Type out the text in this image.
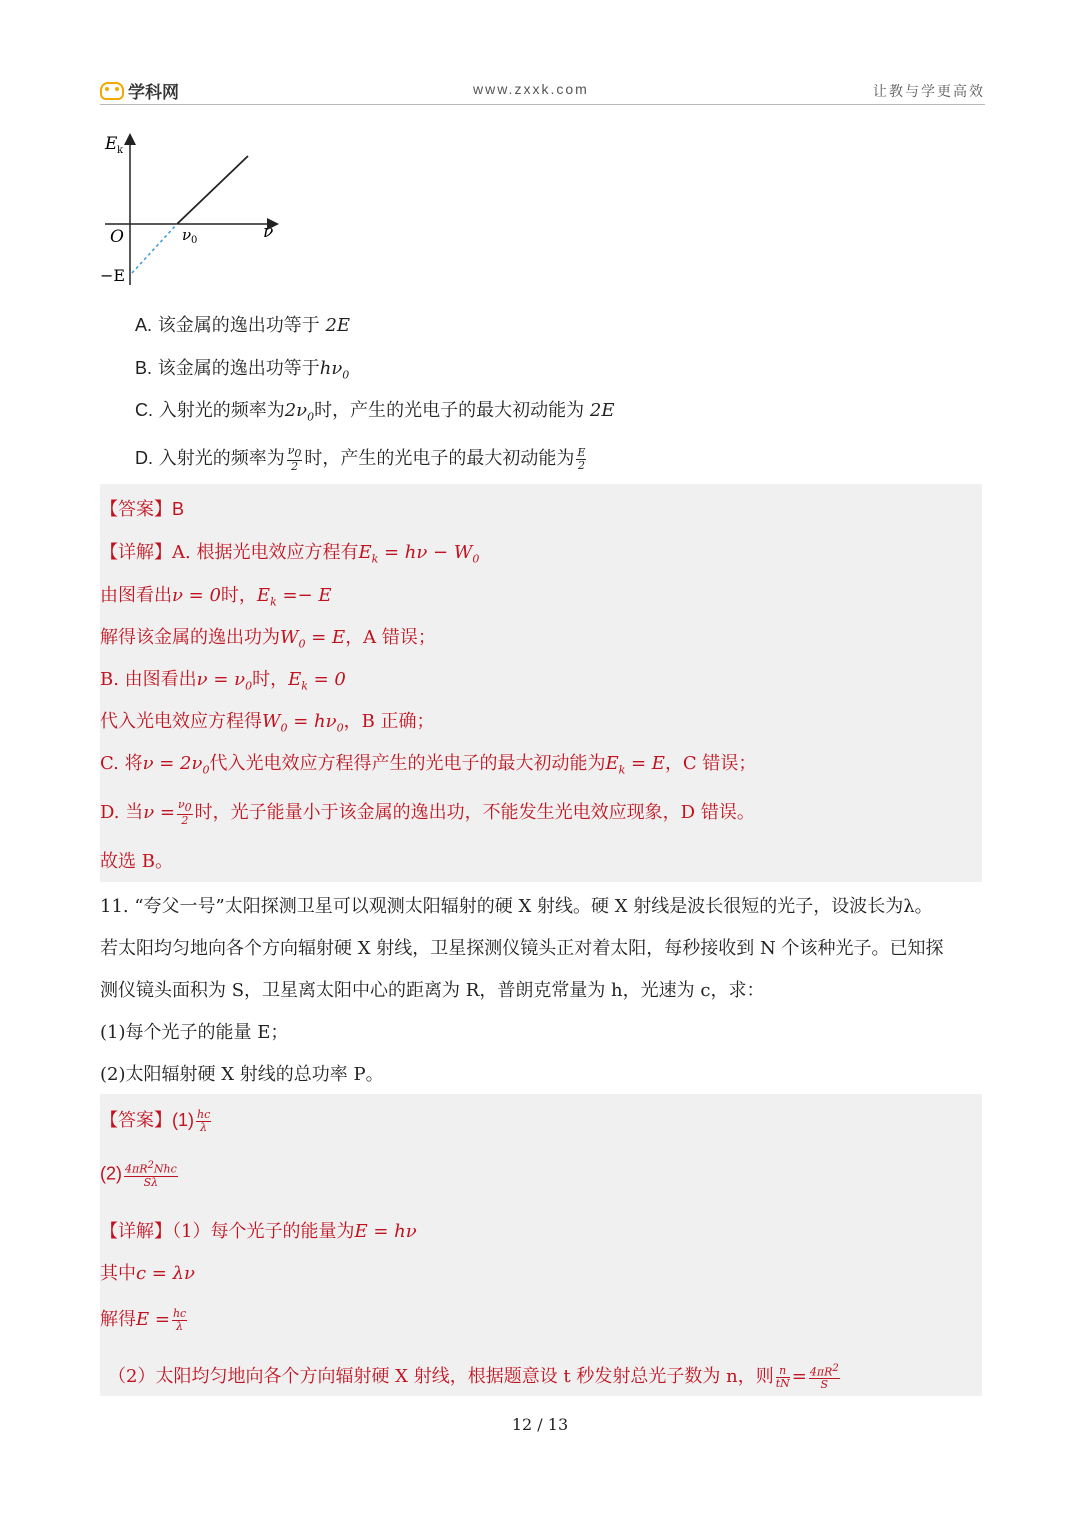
学科网	www.zxxk.com	让教与学更高效
E k
ν
O	ν 0
−E
A. 该金属的逸出功等于 2E
B. 该金属的逸出功等于$h\nu_0$
C. 入射光的频率为$2\nu_0$时，产生的光电子的最大初动能为 2E
D. 入射光的频率为 $\frac{\nu_0}{2}$ 时，产生的光电子的最大初动能为 $\frac{E}{2}$
【答案】B
【详解】A. 根据光电效应方程有$E_k = h\nu - W_0$
由图看出ν = 0时，$E_k =- E$
解得该金属的逸出功为$W_0 = E$，A 错误；
B. 由图看出$\nu = \nu_0$时，$E_k = 0$
代入光电效应方程得$W_0 = h\nu_0$，B 正确；
C. 将$\nu = 2\nu_0$代入光电效应方程得产生的光电子的最大初动能为$E_k = E$，C 错误；
D. 当$\nu = \frac{\nu_0}{2}$ 时，光子能量小于该金属的逸出功，不能发生光电效应现象，D 错误。
故选 B。
11. “夸父一号”太阳探测卫星可以观测太阳辐射的硬 X 射线。硬 X 射线是波长很短的光子，设波长为λ。
若太阳均匀地向各个方向辐射硬 X 射线，卫星探测仪镜头正对着太阳，每秒接收到 N 个该种光子。已知探
测仪镜头面积为 S，卫星离太阳中心的距离为 R，普朗克常量为 h，光速为 c，求：
(1)每个光子的能量 E；
(2)太阳辐射硬 X 射线的总功率 P。
【答案】$(1) \frac{hc}{\lambda}$
$(2) \frac{4\pi R^2Nhc}{S\lambda}$
【详解】（1）每个光子的能量为E = hν
其中c = λν
解得$E = \frac{hc}{\lambda}$
（2）太阳均匀地向各个方向辐射硬 X 射线，根据题意设 t 秒发射总光子数为 n，则 $\frac{n}{tN} = \frac{4\pi R^2}{S}$
12 / 13
